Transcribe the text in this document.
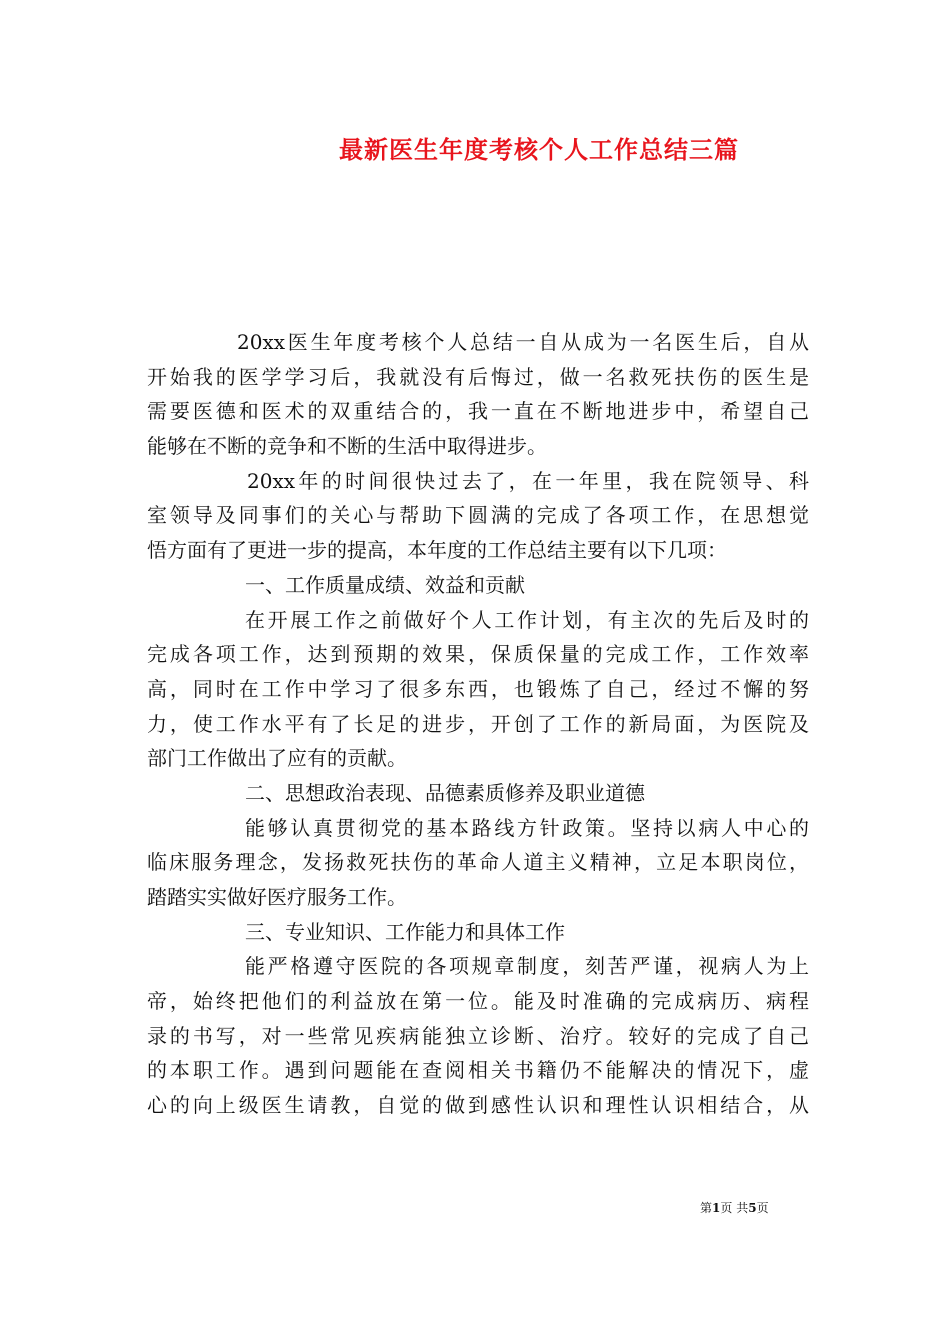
最新医生年度考核个人工作总结三篇
20xx医生年度考核个人总结一自从成为一名医生后，自从
开始我的医学学习后，我就没有后悔过，做一名救死扶伤的医生是
需要医德和医术的双重结合的，我一直在不断地进步中，希望自己
能够在不断的竞争和不断的生活中取得进步。
20xx年的时间很快过去了，在一年里，我在院领导、科
室领导及同事们的关心与帮助下圆满的完成了各项工作，在思想觉
悟方面有了更进一步的提高，本年度的工作总结主要有以下几项：
一、工作质量成绩、效益和贡献
在开展工作之前做好个人工作计划，有主次的先后及时的
完成各项工作，达到预期的效果，保质保量的完成工作，工作效率
高，同时在工作中学习了很多东西，也锻炼了自己，经过不懈的努
力，使工作水平有了长足的进步，开创了工作的新局面，为医院及
部门工作做出了应有的贡献。
二、思想政治表现、品德素质修养及职业道德
能够认真贯彻党的基本路线方针政策。坚持以病人中心的
临床服务理念，发扬救死扶伤的革命人道主义精神，立足本职岗位，
踏踏实实做好医疗服务工作。
三、专业知识、工作能力和具体工作
能严格遵守医院的各项规章制度，刻苦严谨，视病人为上
帝，始终把他们的利益放在第一位。能及时准确的完成病历、病程
录的书写，对一些常见疾病能独立诊断、治疗。较好的完成了自己
的本职工作。遇到问题能在查阅相关书籍仍不能解决的情况下，虚
心的向上级医生请教，自觉的做到感性认识和理性认识相结合，从
第1页 共5页
